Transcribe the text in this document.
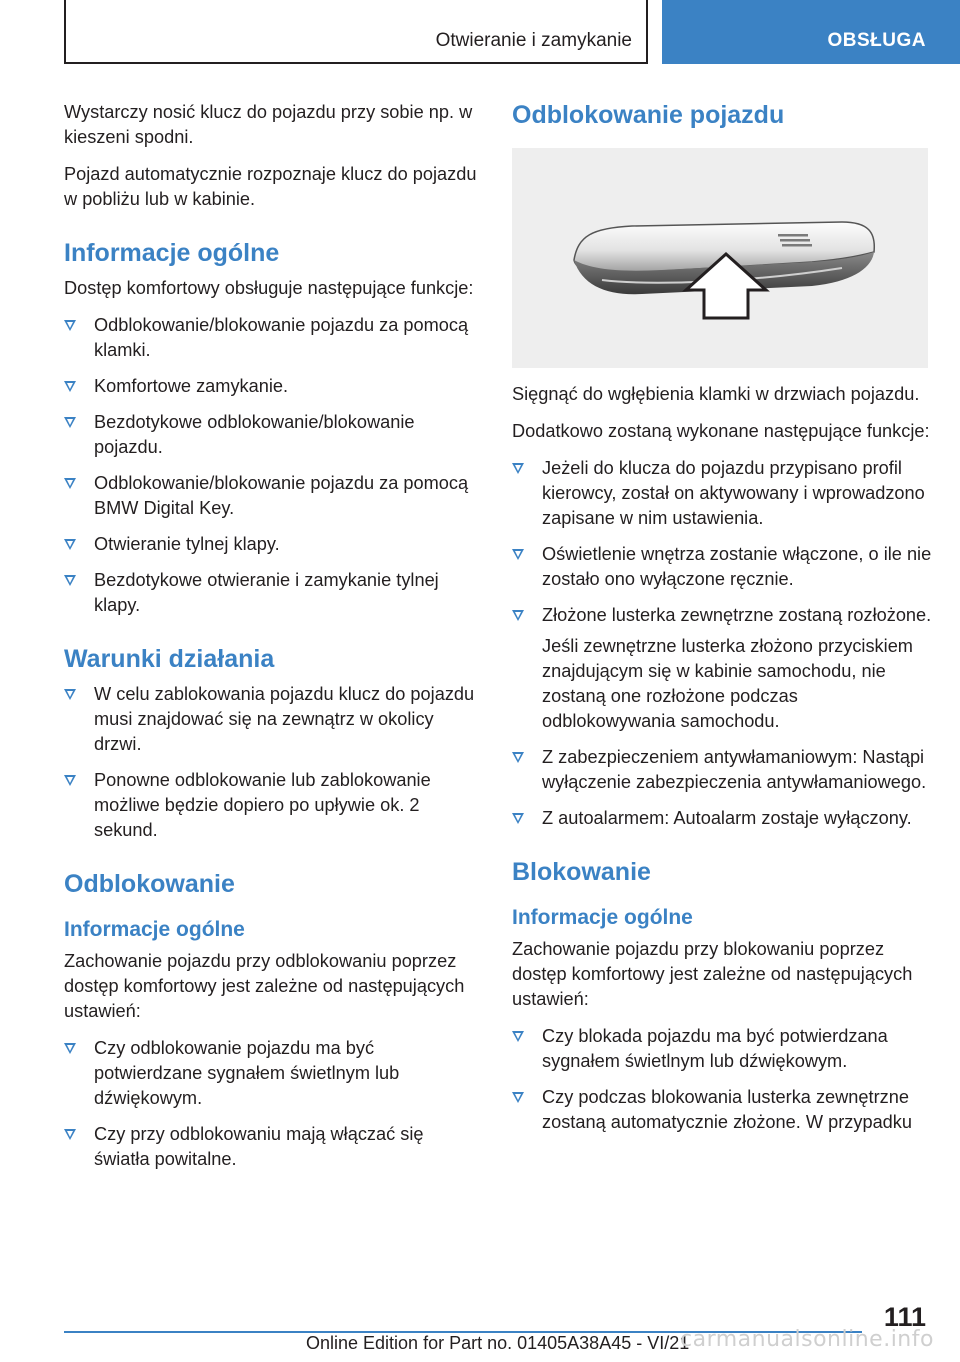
Otwieranie i zamykanie	OBSŁUGA

Wystarczy nosić klucz do pojazdu przy sobie np. w kieszeni spodni.

Pojazd automatycznie rozpoznaje klucz do pojazdu w pobliżu lub w kabinie.

Informacje ogólne

Dostęp komfortowy obsługuje następujące funkcje:

Odblokowanie/blokowanie pojazdu za pomocą klamki.
Komfortowe zamykanie.
Bezdotykowe odblokowanie/blokowanie pojazdu.
Odblokowanie/blokowanie pojazdu za pomocą BMW Digital Key.
Otwieranie tylnej klapy.
Bezdotykowe otwieranie i zamykanie tylnej klapy.
Warunki działania
W celu zablokowania pojazdu klucz do pojazdu musi znajdować się na zewnątrz w okolicy drzwi.
Ponowne odblokowanie lub zablokowanie możliwe będzie dopiero po upływie ok. 2 sekund.
Odblokowanie
Informacje ogólne

Zachowanie pojazdu przy odblokowaniu poprzez dostęp komfortowy jest zależne od następujących ustawień:

Czy odblokowanie pojazdu ma być potwierdzane sygnałem świetlnym lub dźwiękowym.
Czy przy odblokowaniu mają włączać się światła powitalne.
Odblokowanie pojazdu

Sięgnąć do wgłębienia klamki w drzwiach pojazdu.

Dodatkowo zostaną wykonane następujące funkcje:

Jeżeli do klucza do pojazdu przypisano profil kierowcy, został on aktywowany i wprowadzono zapisane w nim ustawienia.
Oświetlenie wnętrza zostanie włączone, o ile nie zostało ono wyłączone ręcznie.
Złożone lusterka zewnętrzne zostaną rozłożone.

Jeśli zewnętrzne lusterka złożono przyciskiem znajdującym się w kabinie samochodu, nie zostaną one rozłożone podczas odblokowywania samochodu.

Z zabezpieczeniem antywłamaniowym: Nastąpi wyłączenie zabezpieczenia antywłamaniowego.
Z autoalarmem: Autoalarm zostaje wyłączony.
Blokowanie
Informacje ogólne

Zachowanie pojazdu przy blokowaniu poprzez dostęp komfortowy jest zależne od następujących ustawień:

Czy blokada pojazdu ma być potwierdzana sygnałem świetlnym lub dźwiękowym.
Czy podczas blokowania lusterka zewnętrzne zostaną automatycznie złożone. W przypadku
111
Online Edition for Part no. 01405A38A45 - VI/21
carmanualsonline.info
